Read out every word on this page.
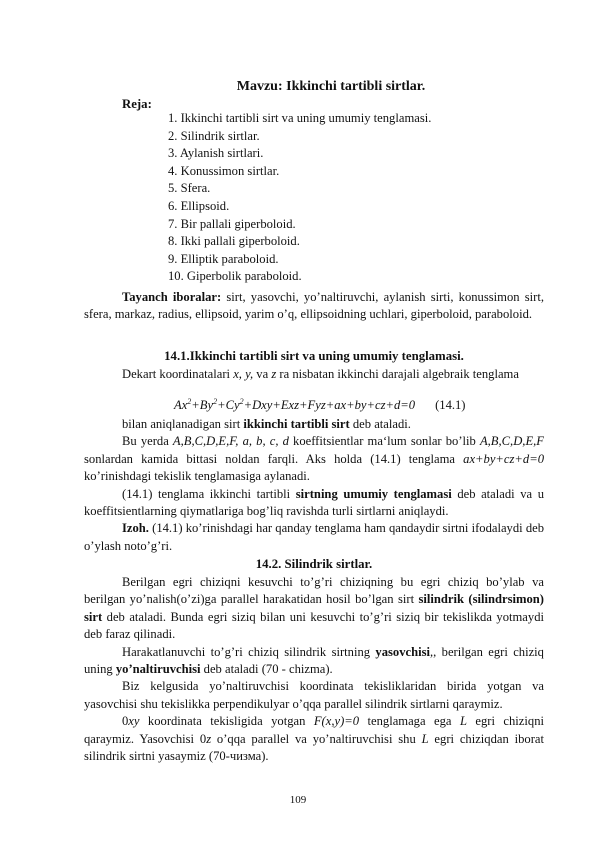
Mavzu: Ikkinchi tartibli sirtlar.
Reja:
1. Ikkinchi tartibli sirt va uning umumiy tenglamasi.
2. Silindrik sirtlar.
3. Aylanish sirtlari.
4. Konussimon sirtlar.
5. Sfera.
6. Ellipsoid.
7. Bir pallali giperboloid.
8. Ikki pallali giperboloid.
9. Elliptik paraboloid.
10. Giperbolik paraboloid.

Tayanch iboralar: sirt, yasovchi, yo’naltiruvchi, aylanish sirti, konussimon sirt, sfera, markaz, radius, ellipsoid, yarim o’q, ellipsoidning uchlari, giperboloid, paraboloid.

14.1.Ikkinchi tartibli sirt va uning umumiy tenglamasi.

Dekart koordinatalari x, y, va z ra nisbatan ikkinchi darajali algebraik tenglama

$Ax^2+By^2+Cy^2+Dxy+Exz+Fyz+ax+by+cz+d=0$ (14.1)

bilan aniqlanadigan sirt ikkinchi tartibli sirt deb ataladi.

Bu yerda A,B,C,D,E,F, a, b, c, d koeffitsientlar ma‘lum sonlar bo’lib A,B,C,D,E,F sonlardan kamida bittasi noldan farqli. Aks holda (14.1) tenglama ax+by+cz+d=0 ko’rinishdagi tekislik tenglamasiga aylanadi.

(14.1) tenglama ikkinchi tartibli sirtning umumiy tenglamasi deb ataladi va u koeffitsientlarning qiymatlariga bog’liq ravishda turli sirtlarni aniqlaydi.

Izoh. (14.1) ko’rinishdagi har qanday tenglama ham qandaydir sirtni ifodalaydi deb o’ylash noto’g’ri.

14.2. Silindrik sirtlar.

Berilgan egri chiziqni kesuvchi to’g’ri chiziqning bu egri chiziq bo’ylab va berilgan yo’nalish(o’zi)ga parallel harakatidan hosil bo’lgan sirt silindrik (silindrsimon) sirt deb ataladi. Bunda egri siziq bilan uni kesuvchi to’g’ri siziq bir tekislikda yotmaydi deb faraz qilinadi.

Harakatlanuvchi to’g’ri chiziq silindrik sirtning yasovchisi,, berilgan egri chiziq uning yo’naltiruvchisi deb ataladi (70 - chizma).

Biz kelgusida yo’naltiruvchisi koordinata tekisliklaridan birida yotgan va yasovchisi shu tekislikka perpendikulyar o’qqa parallel silindrik sirtlarni qaraymiz.

0xy koordinata tekisligida yotgan F(x,y)=0 tenglamaga ega L egri chiziqni qaraymiz. Yasovchisi 0z o’qqa parallel va yo’naltiruvchisi shu L egri chiziqdan iborat silindrik sirtni yasaymiz (70-чизма).

109
